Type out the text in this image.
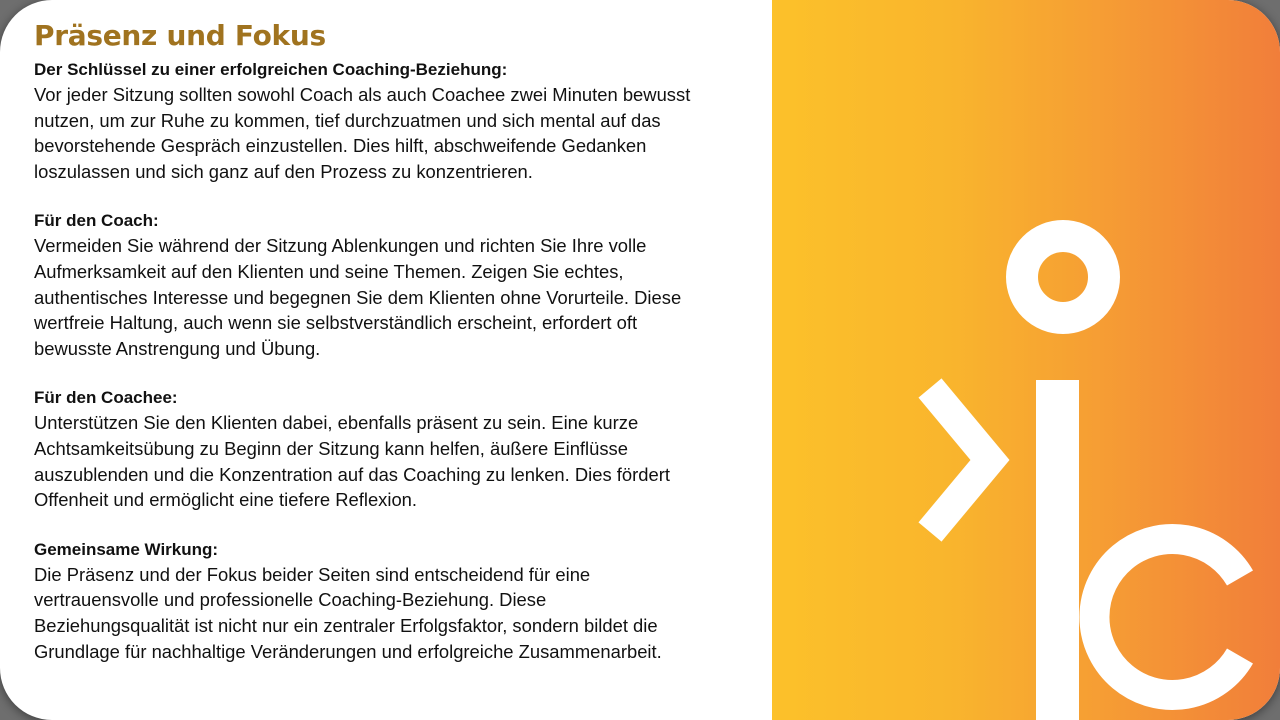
Präsenz und Fokus

Der Schlüssel zu einer erfolgreichen Coaching-Beziehung:

Vor jeder Sitzung sollten sowohl Coach als auch Coachee zwei Minuten bewusst

nutzen, um zur Ruhe zu kommen, tief durchzuatmen und sich mental auf das

bevorstehende Gespräch einzustellen. Dies hilft, abschweifende Gedanken

loszulassen und sich ganz auf den Prozess zu konzentrieren.

Für den Coach:

Vermeiden Sie während der Sitzung Ablenkungen und richten Sie Ihre volle

Aufmerksamkeit auf den Klienten und seine Themen. Zeigen Sie echtes,

authentisches Interesse und begegnen Sie dem Klienten ohne Vorurteile. Diese

wertfreie Haltung, auch wenn sie selbstverständlich erscheint, erfordert oft

bewusste Anstrengung und Übung.

Für den Coachee:

Unterstützen Sie den Klienten dabei, ebenfalls präsent zu sein. Eine kurze

Achtsamkeitsübung zu Beginn der Sitzung kann helfen, äußere Einflüsse

auszublenden und die Konzentration auf das Coaching zu lenken. Dies fördert

Offenheit und ermöglicht eine tiefere Reflexion.

Gemeinsame Wirkung:

Die Präsenz und der Fokus beider Seiten sind entscheidend für eine

vertrauensvolle und professionelle Coaching-Beziehung. Diese

Beziehungsqualität ist nicht nur ein zentraler Erfolgsfaktor, sondern bildet die

Grundlage für nachhaltige Veränderungen und erfolgreiche Zusammenarbeit.
